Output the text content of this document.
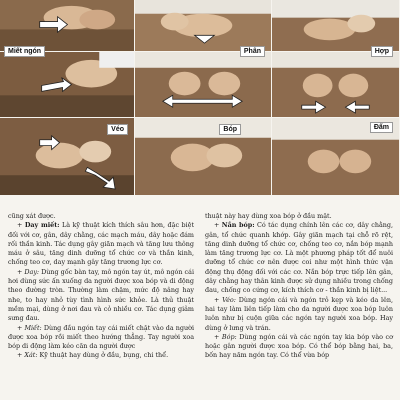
Miết ngón	Phân	Hợp
Véo	Bóp	Đấm

cũng xát được.

+ Day miết: Là kỹ thuật kích thích sâu hơn, đặc biệt đối với cơ, gân, dây chằng, các mạch máu, dây hoặc đám rối thần kinh. Tác dụng gây giãn mạch và tăng lưu thông máu ở sâu, tăng dinh dưỡng tổ chức cơ và thần kinh, chống teo cơ, day mạnh gây tăng trương lực cơ.

+ Day: Dùng gốc bàn tay, mô ngón tay út, mô ngón cái hơi dùng sức ấn xuống da người được xoa bóp và di động theo đường tròn. Thường làm chậm, mức độ nâng hay nhe, to hay nhỏ tùy tình hình sức khỏe. Là thủ thuật mềm mại, dùng ở nơi đau và cỏ nhiều cơ. Tác dụng giảm sưng đau.

+ Miết: Dùng đầu ngón tay cái miết chặt vào da người được xoa bóp rồi miết theo hướng thẳng. Tay người xoa bóp di động làm kéo căn da người được

+ Xát: Kỹ thuật hay dùng ở đầu, bụng, chi thể.

thuật này hay dùng xoa bóp ở đầu mặt.

+ Nắn bóp: Có tác dụng chính lên các cơ, dây chằng, gân, tổ chức quanh khớp. Gây giãn mạch tại chỗ rõ rệt, tăng dinh dưỡng tổ chức cơ, chống teo cơ, nắn bóp mạnh làm tăng trương lực cơ. Là một phương pháp tốt để nuôi dưỡng tổ chức cơ nên được coi như một hình thức vận động thụ động đối với các cơ. Nắn bóp trực tiếp lên gân, dây chằng hay thân kinh được sử dụng nhiều trong chống đau, chống co cứng cơ, kích thích cơ - thần kinh bị liệt...

+ Véo: Dùng ngón cái và ngón trỏ kẹp và kéo da lên, hai tay làm liên tiếp làm cho da người được xoa bóp luôn luôn như bị cuộn giữa các ngón tay người xoa bóp. Hay dùng ở lưng và trán.

+ Bóp: Dùng ngón cái và các ngón tay kia bóp vào cơ hoặc gân người được xoa bóp. Có thể bóp bằng hai, ba, bốn hay năm ngón tay. Có thể vừa bóp
